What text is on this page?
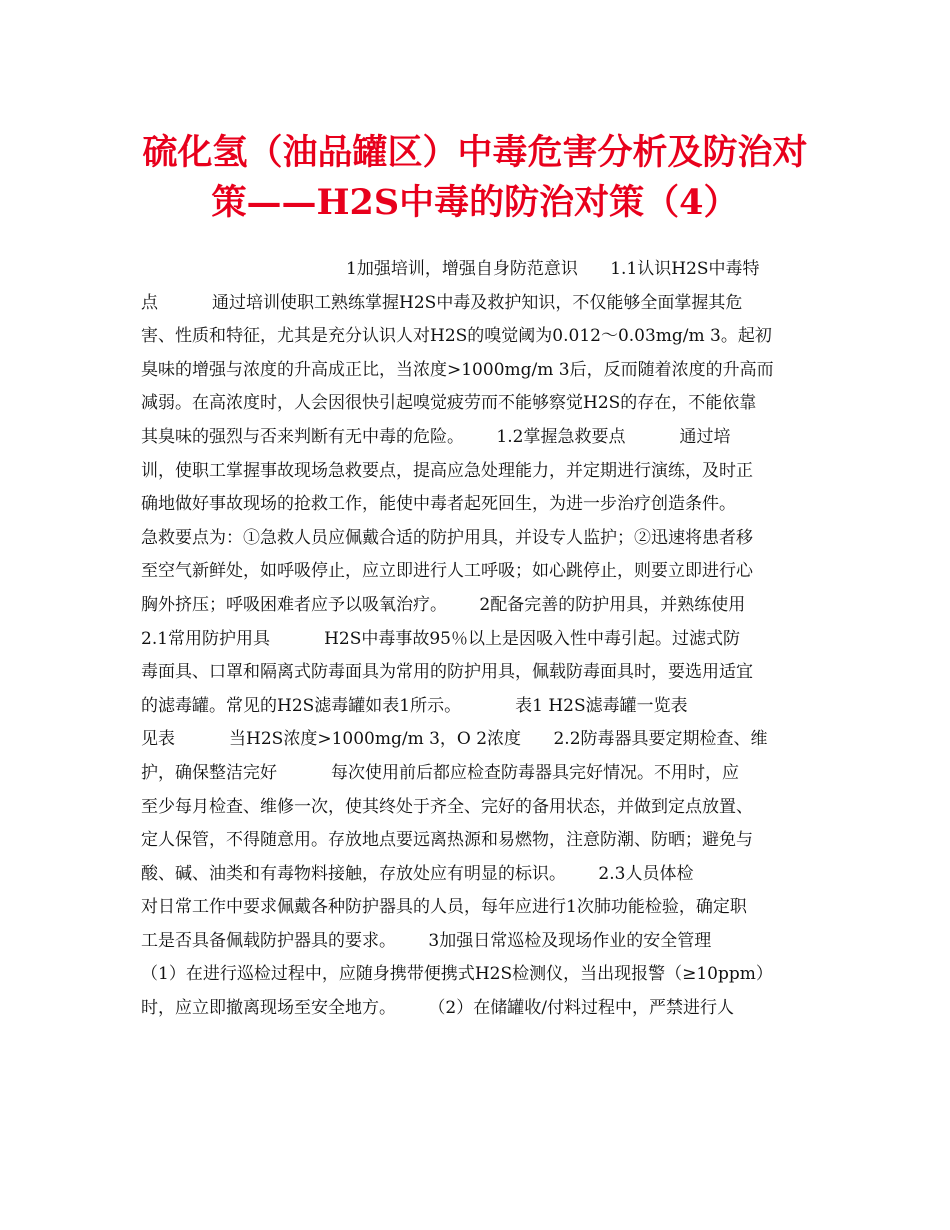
硫化氢（油品罐区）中毒危害分析及防治对
策——H2S中毒的防治对策（4）
1加强培训，增强自身防范意识      1.1认识H2S中毒特
点          通过培训使职工熟练掌握H2S中毒及救护知识，不仅能够全面掌握其危
害、性质和特征，尤其是充分认识人对H2S的嗅觉阈为0.012～0.03mg/m 3。起初
臭味的增强与浓度的升高成正比，当浓度>1000mg/m 3后，反而随着浓度的升高而
减弱。在高浓度时，人会因很快引起嗅觉疲劳而不能够察觉H2S的存在，不能依靠
其臭味的强烈与否来判断有无中毒的危险。      1.2掌握急救要点          通过培
训，使职工掌握事故现场急救要点，提高应急处理能力，并定期进行演练，及时正
确地做好事故现场的抢救工作，能使中毒者起死回生，为进一步治疗创造条件。
急救要点为：①急救人员应佩戴合适的防护用具，并设专人监护；②迅速将患者移
至空气新鲜处，如呼吸停止，应立即进行人工呼吸；如心跳停止，则要立即进行心
胸外挤压；呼吸困难者应予以吸氧治疗。      2配备完善的防护用具，并熟练使用
2.1常用防护用具          H2S中毒事故95％以上是因吸入性中毒引起。过滤式防
毒面具、口罩和隔离式防毒面具为常用的防护用具，佩载防毒面具时，要选用适宜
的滤毒罐。常见的H2S滤毒罐如表1所示。          表1 H2S滤毒罐一览表
见表          当H2S浓度>1000mg/m 3，O 2浓度      2.2防毒器具要定期检查、维
护，确保整洁完好          每次使用前后都应检查防毒器具完好情况。不用时，应
至少每月检查、维修一次，使其终处于齐全、完好的备用状态，并做到定点放置、
定人保管，不得随意用。存放地点要远离热源和易燃物，注意防潮、防晒；避免与
酸、碱、油类和有毒物料接触，存放处应有明显的标识。      2.3人员体检
对日常工作中要求佩戴各种防护器具的人员，每年应进行1次肺功能检验，确定职
工是否具备佩载防护器具的要求。      3加强日常巡检及现场作业的安全管理
（1）在进行巡检过程中，应随身携带便携式H2S检测仪，当出现报警（≥10ppm）
时，应立即撤离现场至安全地方。      （2）在储罐收/付料过程中，严禁进行人
